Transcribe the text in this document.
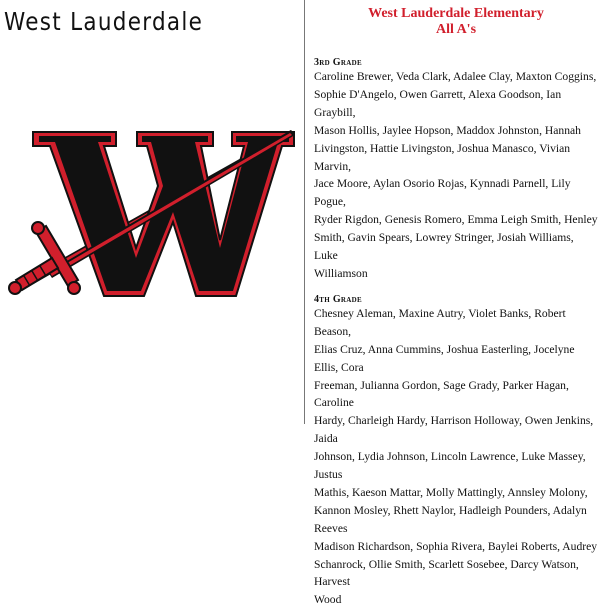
West Lauderdale	West Lauderdale Elementary
All A's
3rd Grade
Caroline Brewer, Veda Clark, Adalee Clay, Maxton Coggins,
Sophie D'Angelo, Owen Garrett, Alexa Goodson, Ian Graybill,
Mason Hollis, Jaylee Hopson, Maddox Johnston, Hannah
Livingston, Hattie Livingston, Joshua Manasco, Vivian Marvin,
Jace Moore, Aylan Osorio Rojas, Kynnadi Parnell, Lily Pogue,
Ryder Rigdon, Genesis Romero, Emma Leigh Smith, Henley
Smith, Gavin Spears, Lowrey Stringer, Josiah Williams, Luke
Williamson
4th Grade
Chesney Aleman, Maxine Autry, Violet Banks, Robert Beason,
Elias Cruz, Anna Cummins, Joshua Easterling, Jocelyne Ellis, Cora
Freeman, Julianna Gordon, Sage Grady, Parker Hagan, Caroline
Hardy, Charleigh Hardy, Harrison Holloway, Owen Jenkins, Jaida
Johnson, Lydia Johnson, Lincoln Lawrence, Luke Massey, Justus
Mathis, Kaeson Mattar, Molly Mattingly, Annsley Molony,
Kannon Mosley, Rhett Naylor, Hadleigh Pounders, Adalyn Reeves
Madison Richardson, Sophia Rivera, Baylei Roberts, Audrey
Schanrock, Ollie Smith, Scarlett Sosebee, Darcy Watson, Harvest
Wood
